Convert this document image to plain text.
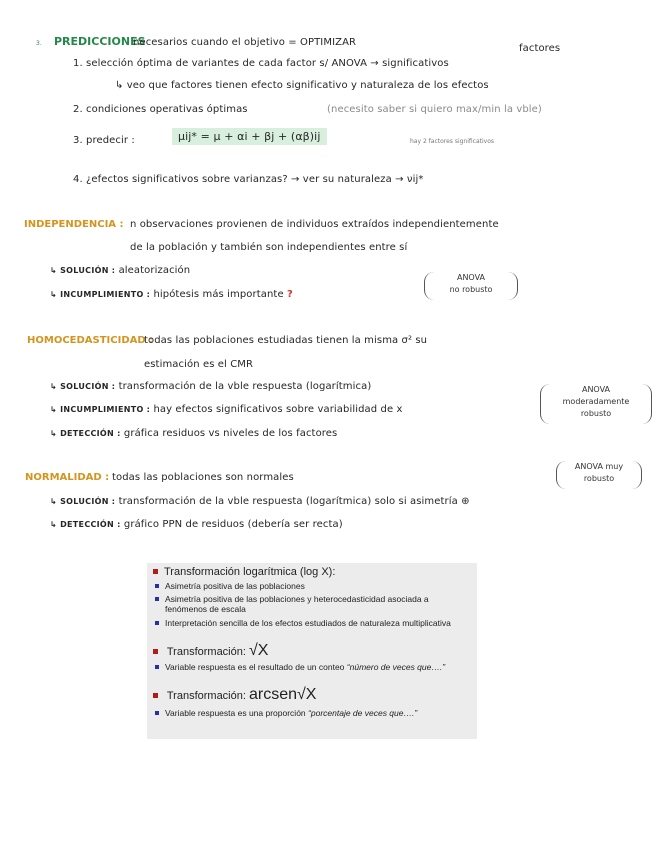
3. PREDICCIONES
necesarios cuando el objetivo = OPTIMIZAR
factores
1. selección óptima de variantes de cada factor s/ ANOVA → significativos
↳ veo que factores tienen efecto significativo y naturaleza de los efectos
2. condiciones operativas óptimas	(necesito saber si quiero max/min la vble)
3. predecir :	μij* = μ + αi + βj + (αβ)ij	hay 2 factores significativos
4. ¿efectos significativos sobre varianzas? → ver su naturaleza → νij*
INDEPENDENCIA : n observaciones provienen de individuos extraídos independientemente
de la población y también son independientes entre sí
↳ SOLUCIÓN : aleatorización
↳ INCUMPLIMIENTO : hipótesis más importante ?
ANOVA
no robusto
HOMOCEDASTICIDAD :
todas las poblaciones estudiadas tienen la misma σ² su
estimación es el CMR
↳ SOLUCIÓN : transformación de la vble respuesta (logarítmica)
↳ INCUMPLIMIENTO : hay efectos significativos sobre variabilidad de x
↳ DETECCIÓN : gráfica residuos vs niveles de los factores
ANOVA
moderadamente
robusto
NORMALIDAD : todas las poblaciones son normales
↳ SOLUCIÓN : transformación de la vble respuesta (logarítmica) solo si asimetría ⊕
↳ DETECCIÓN : gráfico PPN de residuos (debería ser recta)
ANOVA muy
robusto
Transformación logarítmica (log X):
Asimetría positiva de las poblaciones
Asimetría positiva de las poblaciones y heterocedasticidad asociada a fenómenos de escala
Interpretación sencilla de los efectos estudiados de naturaleza multiplicativa
Transformación: √X
Variable respuesta es el resultado de un conteo “número de veces que….”
Transformación: arcsen√X
Variable respuesta es una proporción “porcentaje de veces que….”
